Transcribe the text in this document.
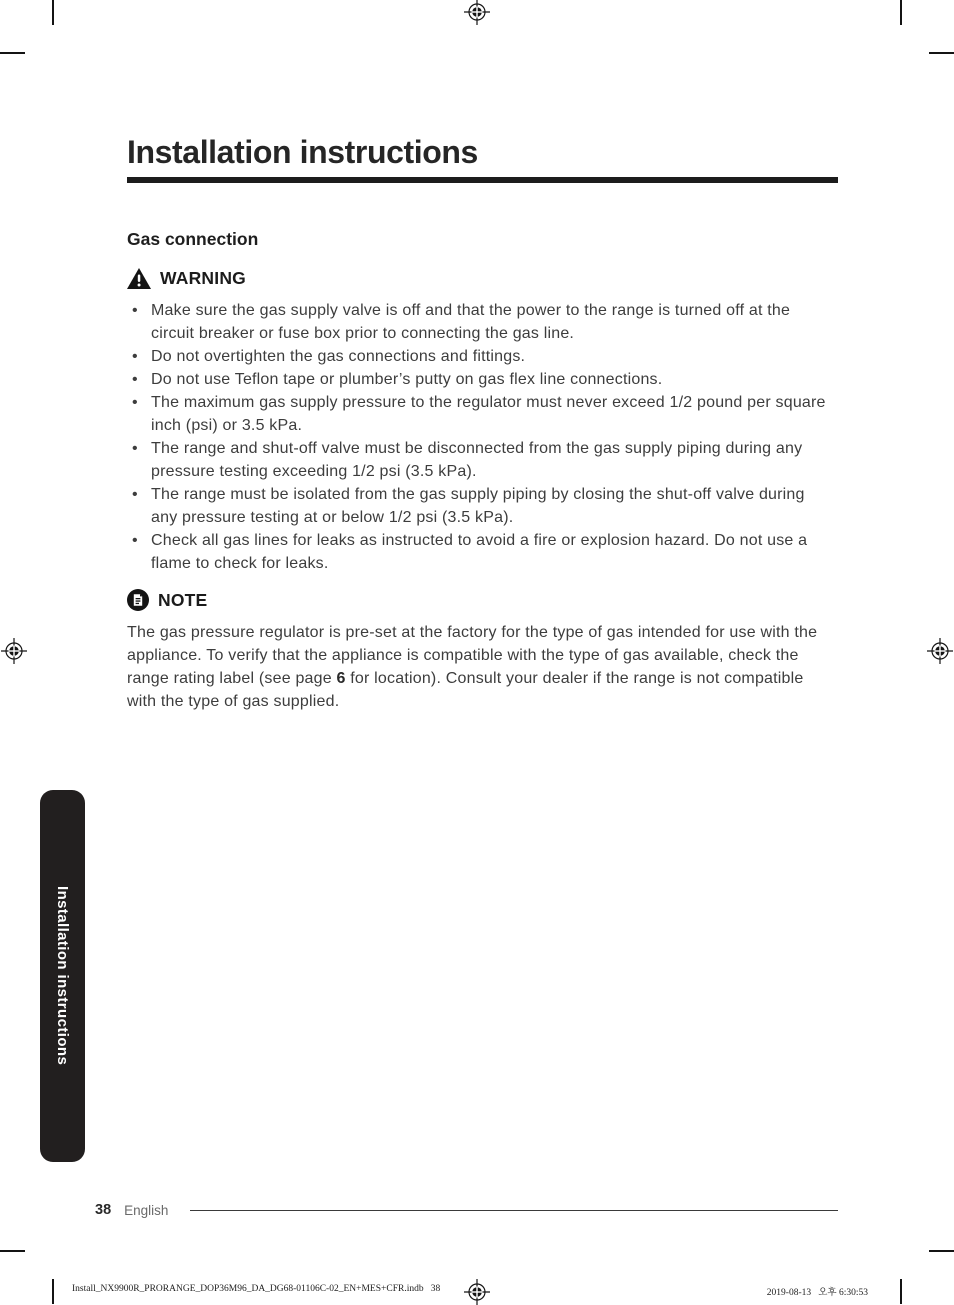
Installation instructions
Gas connection
WARNING
• Make sure the gas supply valve is off and that the power to the range is turned off at the circuit breaker or fuse box prior to connecting the gas line.
• Do not overtighten the gas connections and fittings.
• Do not use Teflon tape or plumber’s putty on gas flex line connections.
• The maximum gas supply pressure to the regulator must never exceed 1/2 pound per square inch (psi) or 3.5 kPa.
• The range and shut-off valve must be disconnected from the gas supply piping during any pressure testing exceeding 1/2 psi (3.5 kPa).
• The range must be isolated from the gas supply piping by closing the shut-off valve during any pressure testing at or below 1/2 psi (3.5 kPa).
• Check all gas lines for leaks as instructed to avoid a fire or explosion hazard. Do not use a flame to check for leaks.
NOTE

The gas pressure regulator is pre-set at the factory for the type of gas intended for use with the appliance. To verify that the appliance is compatible with the type of gas available, check the range rating label (see page 6 for location). Consult your dealer if the range is not compatible with the type of gas supplied.

Installation instructions
38 English
Install_NX9900R_PRORANGE_DOP36M96_DA_DG68-01106C-02_EN+MES+CFR.indb   38	2019-08-13   오후 6:30:53
